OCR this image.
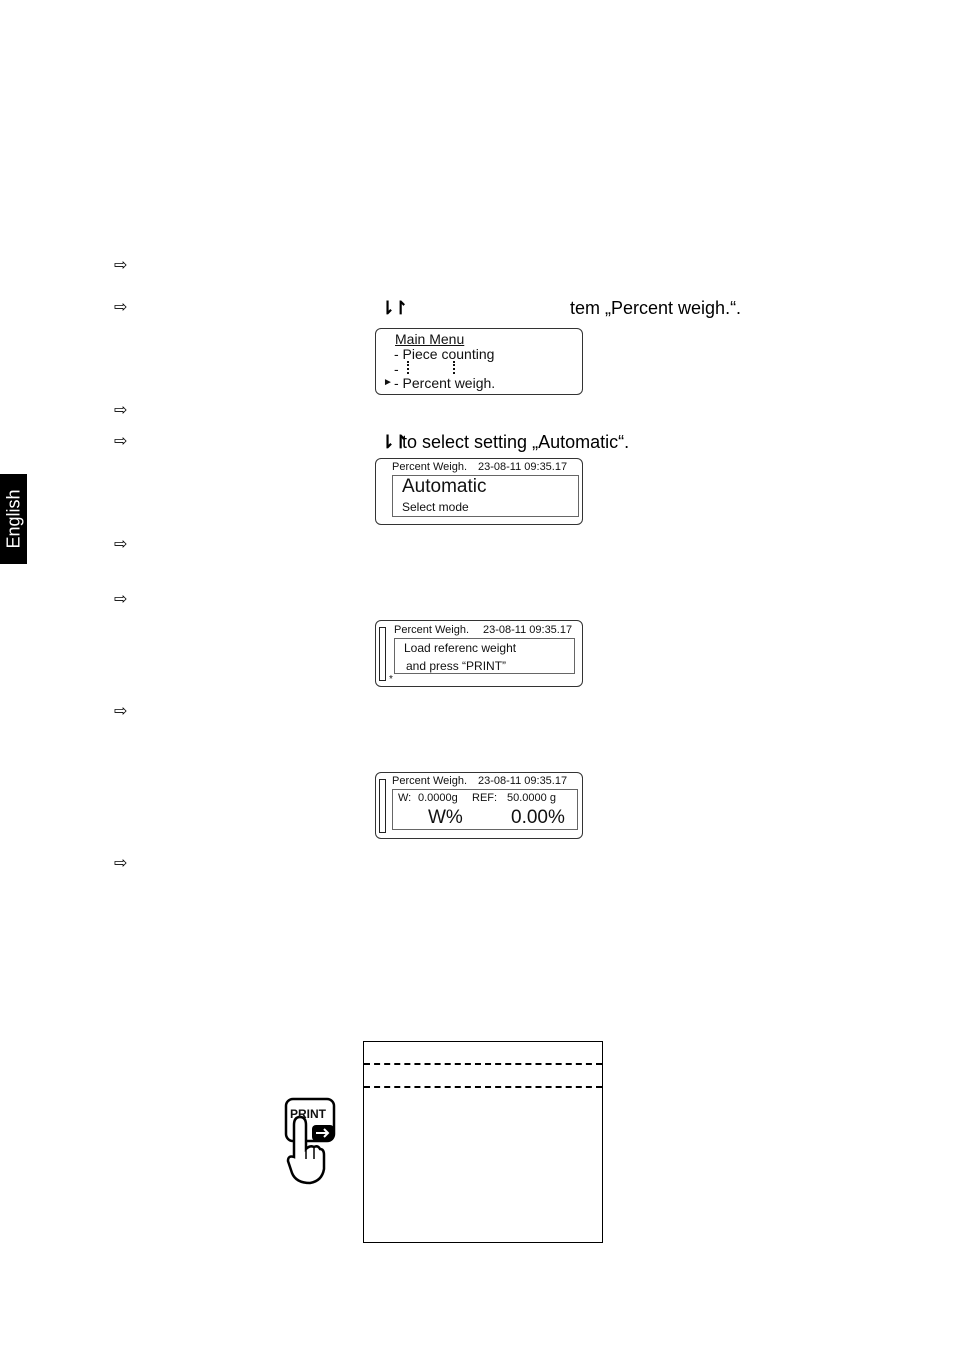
English
⇨
⇨	⇂↾	tem „Percent weigh.“.
Main Menu
- Piece counting
-
► - Percent weigh.
⇨
⇨	⇂↾
to select setting „Automatic“.
Percent Weigh. 23-08-11 09:35.17
Automatic
Select mode
⇨
⇨
Percent Weigh. 23-08-11 09:35.17
Load referenc weight
and press “PRINT”
*
⇨
Percent Weigh. 23-08-11 09:35.17
W: 0.0000g REF: 50.0000 g
W%	0.00%
⇨
PRINT
